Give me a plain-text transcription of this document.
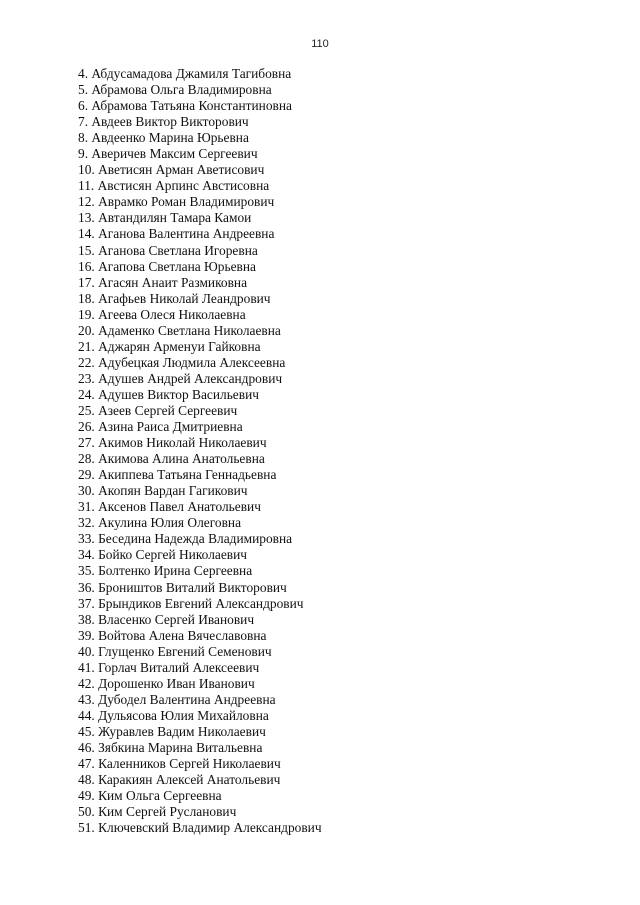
110

4. Абдусамадова Джамиля Тагибовна
5. Абрамова Ольга Владимировна
6. Абрамова Татьяна Константиновна
7. Авдеев Виктор Викторович
8. Авдеенко Марина Юрьевна
9. Аверичев Максим Сергеевич
10. Аветисян Арман Аветисович
11. Австисян Арпинс Австисовна
12. Аврамко Роман Владимирович
13. Автандилян Тамара Камои
14. Аганова Валентина Андреевна
15. Аганова Светлана Игоревна
16. Агапова Светлана Юрьевна
17. Агасян Анаит Размиковна
18. Агафьев Николай Леандрович
19. Агеева Олеся Николаевна
20. Адаменко Светлана Николаевна
21. Аджарян Арменуи Гайковна
22. Адубецкая Людмила Алексеевна
23. Адушев Андрей Александрович
24. Адушев Виктор Васильевич
25. Азеев Сергей Сергеевич
26. Азина Раиса Дмитриевна
27. Акимов Николай Николаевич
28. Акимова Алина Анатольевна
29. Акиппева Татьяна Геннадьевна
30. Акопян Вардан Гагикович
31. Аксенов Павел Анатольевич
32. Акулина Юлия Олеговна
33. Беседина Надежда Владимировна
34. Бойко Сергей Николаевич
35. Болтенко Ирина Сергеевна
36. Броништов Виталий Викторович
37. Брындиков Евгений Александрович
38. Власенко Сергей Иванович
39. Войтова Алена Вячеславовна
40. Глущенко Евгений Семенович
41. Горлач Виталий Алексеевич
42. Дорошенко Иван Иванович
43. Дубодел Валентина Андреевна
44. Дульясова Юлия Михайловна
45. Журавлев Вадим Николаевич
46. Зябкина Марина Витальевна
47. Каленников Сергей Николаевич
48. Каракиян Алексей Анатольевич
49. Ким Ольга Сергеевна
50. Ким Сергей Русланович
51. Ключевский Владимир Александрович
